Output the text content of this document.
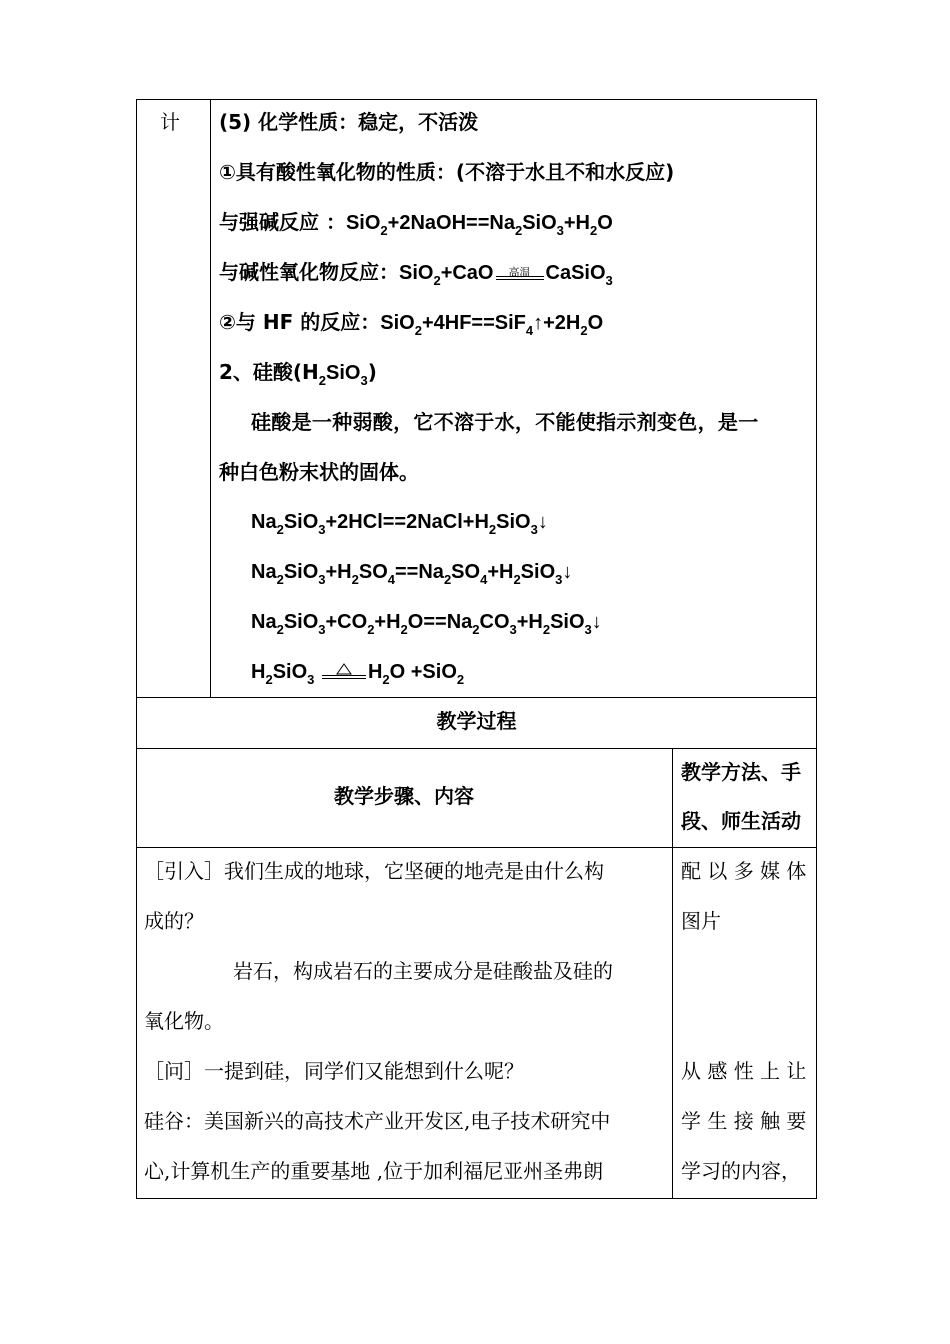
计 (5) 化学性质：稳定，不活泼
①具有酸性氧化物的性质：(不溶于水且不和水反应)
与强碱反应 ：$SiO_2+2NaOH==Na_2SiO_3+H_2O$
与碱性氧化物反应：SiO$_2$+CaO	高温 CaSiO$_3$
②与 HF 的反应：$SiO_2+4HF==SiF_4↑+2H_2O$
2、硅酸$(H_2SiO_3)$
硅酸是一种弱酸，它不溶于水，不能使指示剂变色，是一
种白色粉末状的固体。
$Na_2SiO_3+2HCl==2NaCl+H_2SiO_3↓$
$Na_2SiO_3+H_2SO_4==Na_2SO_4+H_2SiO_3↓$
$Na_2SiO_3+CO_2+H_2O==Na_2CO_3+H_2SiO_3↓$
$H_2SiO_3$	$H_2O +SiO_2$
教学过程
教学步骤、内容
教学方法、手
段、师生活动
［引入］我们生成的地球，它坚硬的地壳是由什么构
成的？
岩石，构成岩石的主要成分是硅酸盐及硅的
氧化物。
［问］一提到硅，同学们又能想到什么呢？
硅谷：美国新兴的高技术产业开发区,电子技术研究中
心,计算机生产的重要基地 ,位于加利福尼亚州圣弗朗
配 以 多 媒 体
图片
从 感 性 上 让
学 生 接 触 要
学习的内容，
